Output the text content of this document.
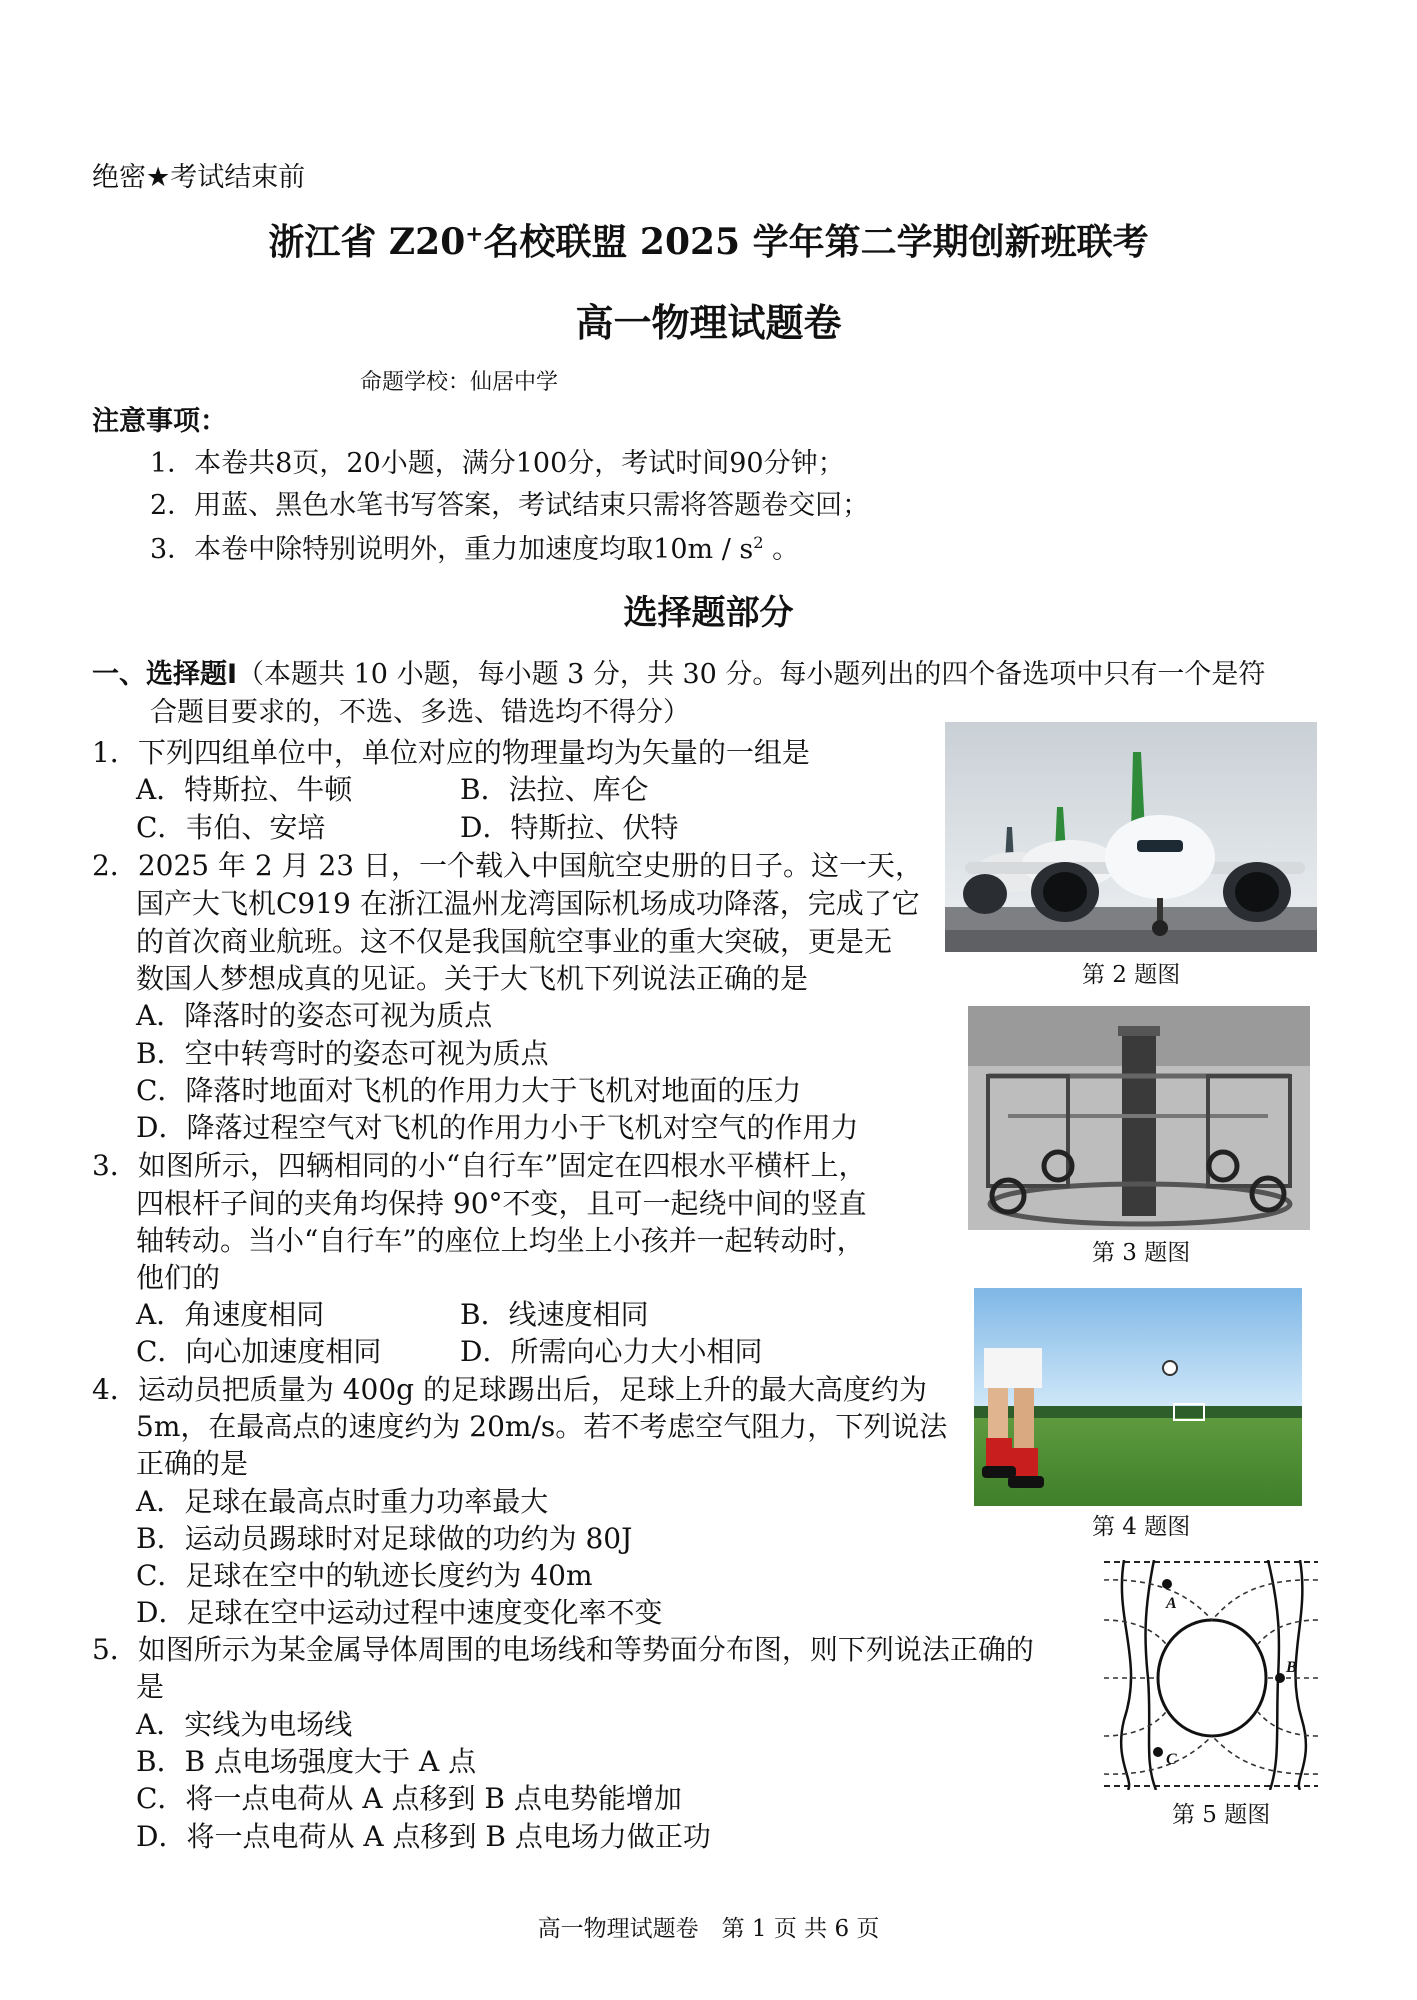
绝密★考试结束前
浙江省 Z20+名校联盟 2025 学年第二学期创新班联考
高一物理试题卷
命题学校：仙居中学
注意事项：
1．本卷共8页，20小题，满分100分，考试时间90分钟；
2．用蓝、黑色水笔书写答案，考试结束只需将答题卷交回；
3．本卷中除特别说明外，重力加速度均取$10m / s^2$ 。
选择题部分
一、选择题Ⅰ（本题共 10 小题，每小题 3 分，共 30 分。每小题列出的四个备选项中只有一个是符
合题目要求的，不选、多选、错选均不得分）
1．下列四组单位中，单位对应的物理量均为矢量的一组是
A．特斯拉、牛顿	B．法拉、库仑
C．韦伯、安培	D．特斯拉、伏特
2．2025 年 2 月 23 日，一个载入中国航空史册的日子。这一天，
国产大飞机C919 在浙江温州龙湾国际机场成功降落，完成了它
的首次商业航班。这不仅是我国航空事业的重大突破，更是无
数国人梦想成真的见证。关于大飞机下列说法正确的是
A．降落时的姿态可视为质点
B．空中转弯时的姿态可视为质点
C．降落时地面对飞机的作用力大于飞机对地面的压力
D．降落过程空气对飞机的作用力小于飞机对空气的作用力
3．如图所示，四辆相同的小“自行车”固定在四根水平横杆上，
四根杆子间的夹角均保持 90°不变，且可一起绕中间的竖直
轴转动。当小“自行车”的座位上均坐上小孩并一起转动时，
他们的
A．角速度相同	B．线速度相同
C．向心加速度相同	D．所需向心力大小相同
4．运动员把质量为 400g 的足球踢出后，足球上升的最大高度约为
5m，在最高点的速度约为 20m/s。若不考虑空气阻力，下列说法
正确的是
A．足球在最高点时重力功率最大
B．运动员踢球时对足球做的功约为 80J
C．足球在空中的轨迹长度约为 40m
D．足球在空中运动过程中速度变化率不变
5．如图所示为某金属导体周围的电场线和等势面分布图，则下列说法正确的
是
A．实线为电场线
B．B 点电场强度大于 A 点
C．将一点电荷从 A 点移到 B 点电势能增加
D．将一点电荷从 A 点移到 B 点电场力做正功
第 2 题图
第 3 题图
第 4 题图
A
B
C
第 5 题图
高一物理试题卷　第 1 页 共 6 页
